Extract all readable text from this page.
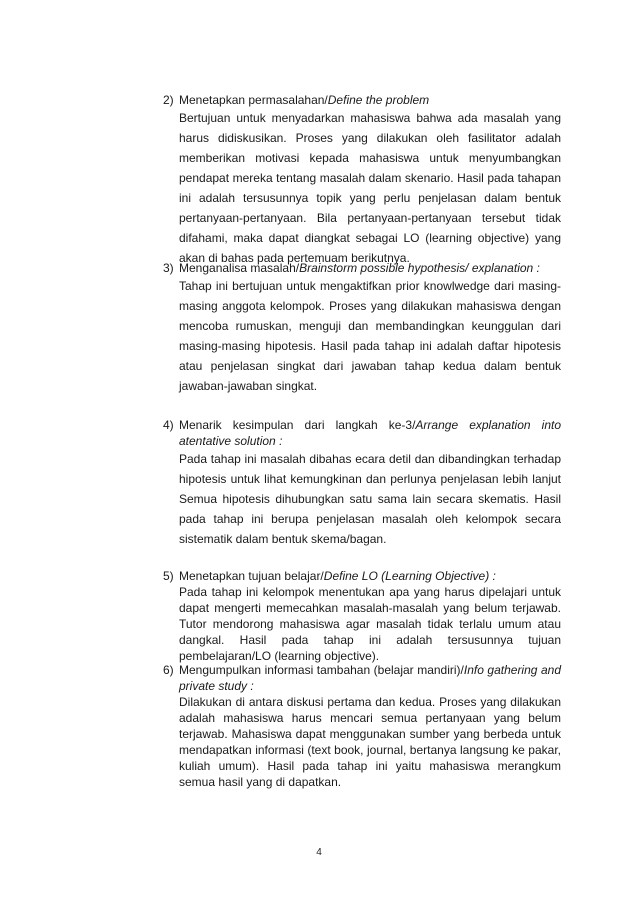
2) Menetapkan permasalahan/Define the problem
Bertujuan untuk menyadarkan mahasiswa bahwa ada masalah yang harus didiskusikan. Proses yang dilakukan oleh fasilitator adalah memberikan motivasi kepada mahasiswa untuk menyumbangkan pendapat mereka tentang masalah dalam skenario. Hasil pada tahapan ini adalah tersusunnya topik yang perlu penjelasan dalam bentuk pertanyaan-pertanyaan. Bila pertanyaan-pertanyaan tersebut tidak difahami, maka dapat diangkat sebagai LO (learning objective) yang akan di bahas pada pertemuam berikutnya.
3) Menganalisa masalah/Brainstorm possible hypothesis/ explanation :
Tahap ini bertujuan untuk mengaktifkan prior knowlwedge dari masing-masing anggota kelompok. Proses yang dilakukan mahasiswa dengan mencoba rumuskan, menguji dan membandingkan keunggulan dari masing-masing hipotesis. Hasil pada tahap ini adalah daftar hipotesis atau penjelasan singkat dari jawaban tahap kedua dalam bentuk jawaban-jawaban singkat.
4) Menarik kesimpulan dari langkah ke-3/Arrange explanation into atentative solution :
Pada tahap ini masalah dibahas ecara detil dan dibandingkan terhadap hipotesis untuk lihat kemungkinan dan perlunya penjelasan lebih lanjut Semua hipotesis dihubungkan satu sama lain secara skematis. Hasil pada tahap ini berupa penjelasan masalah oleh kelompok secara sistematik dalam bentuk skema/bagan.
5) Menetapkan tujuan belajar/Define LO (Learning Objective) :
Pada tahap ini kelompok menentukan apa yang harus dipelajari untuk dapat mengerti memecahkan masalah-masalah yang belum terjawab. Tutor mendorong mahasiswa agar masalah tidak terlalu umum atau dangkal. Hasil pada tahap ini adalah tersusunnya tujuan pembelajaran/LO (learning objective).
6) Mengumpulkan informasi tambahan (belajar mandiri)/Info gathering and private study :
Dilakukan di antara diskusi pertama dan kedua. Proses yang dilakukan adalah mahasiswa harus mencari semua pertanyaan yang belum terjawab. Mahasiswa dapat menggunakan sumber yang berbeda untuk mendapatkan informasi (text book, journal, bertanya langsung ke pakar, kuliah umum). Hasil pada tahap ini yaitu mahasiswa merangkum semua hasil yang di dapatkan.
4
